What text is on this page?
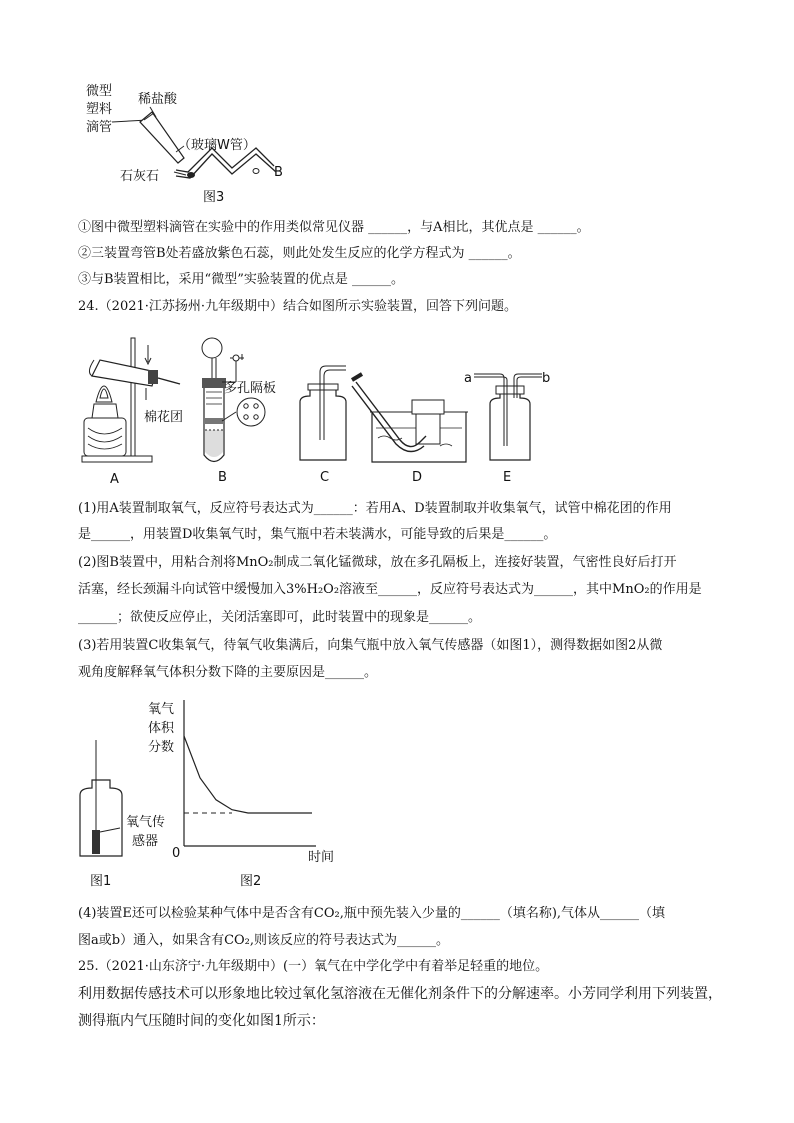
微型
塑料
滴管
稀盐酸
（玻璃W管）
石灰石	B
图3
①图中微型塑料滴管在实验中的作用类似常见仪器 ______，与A相比，其优点是 ______。
②三装置弯管B处若盛放紫色石蕊，则此处发生反应的化学方程式为 ______。
③与B装置相比，采用“微型”实验装置的优点是 ______。
24.（2021·江苏扬州·九年级期中）结合如图所示实验装置，回答下列问题。
棉花团
多孔隔板
a	b
A	B	C	D	E
(1)用A装置制取氧气，反应符号表达式为______：若用A、D装置制取并收集氧气，试管中棉花团的作用
是______，用装置D收集氧气时，集气瓶中若未装满水，可能导致的后果是______。
(2)图B装置中，用粘合剂将MnO₂制成二氧化锰微球，放在多孔隔板上，连接好装置，气密性良好后打开
活塞，经长颈漏斗向试管中缓慢加入3%H₂O₂溶液至______，反应符号表达式为______，其中MnO₂的作用是
______；欲使反应停止，关闭活塞即可，此时装置中的现象是______。
(3)若用装置C收集氧气，待氧气收集满后，向集气瓶中放入氧气传感器（如图1），测得数据如图2从微
观角度解释氧气体积分数下降的主要原因是______。
氧气传
感器
图1
氧气
体积
分数
0	时间
图2
(4)装置E还可以检验某种气体中是否含有CO₂,瓶中预先装入少量的______（填名称),气体从______（填
图a或b）通入，如果含有CO₂,则该反应的符号表达式为______。
25.（2021·山东济宁·九年级期中）(一）氧气在中学化学中有着举足轻重的地位。
利用数据传感技术可以形象地比较过氧化氢溶液在无催化剂条件下的分解速率。小芳同学利用下列装置，
测得瓶内气压随时间的变化如图1所示：
